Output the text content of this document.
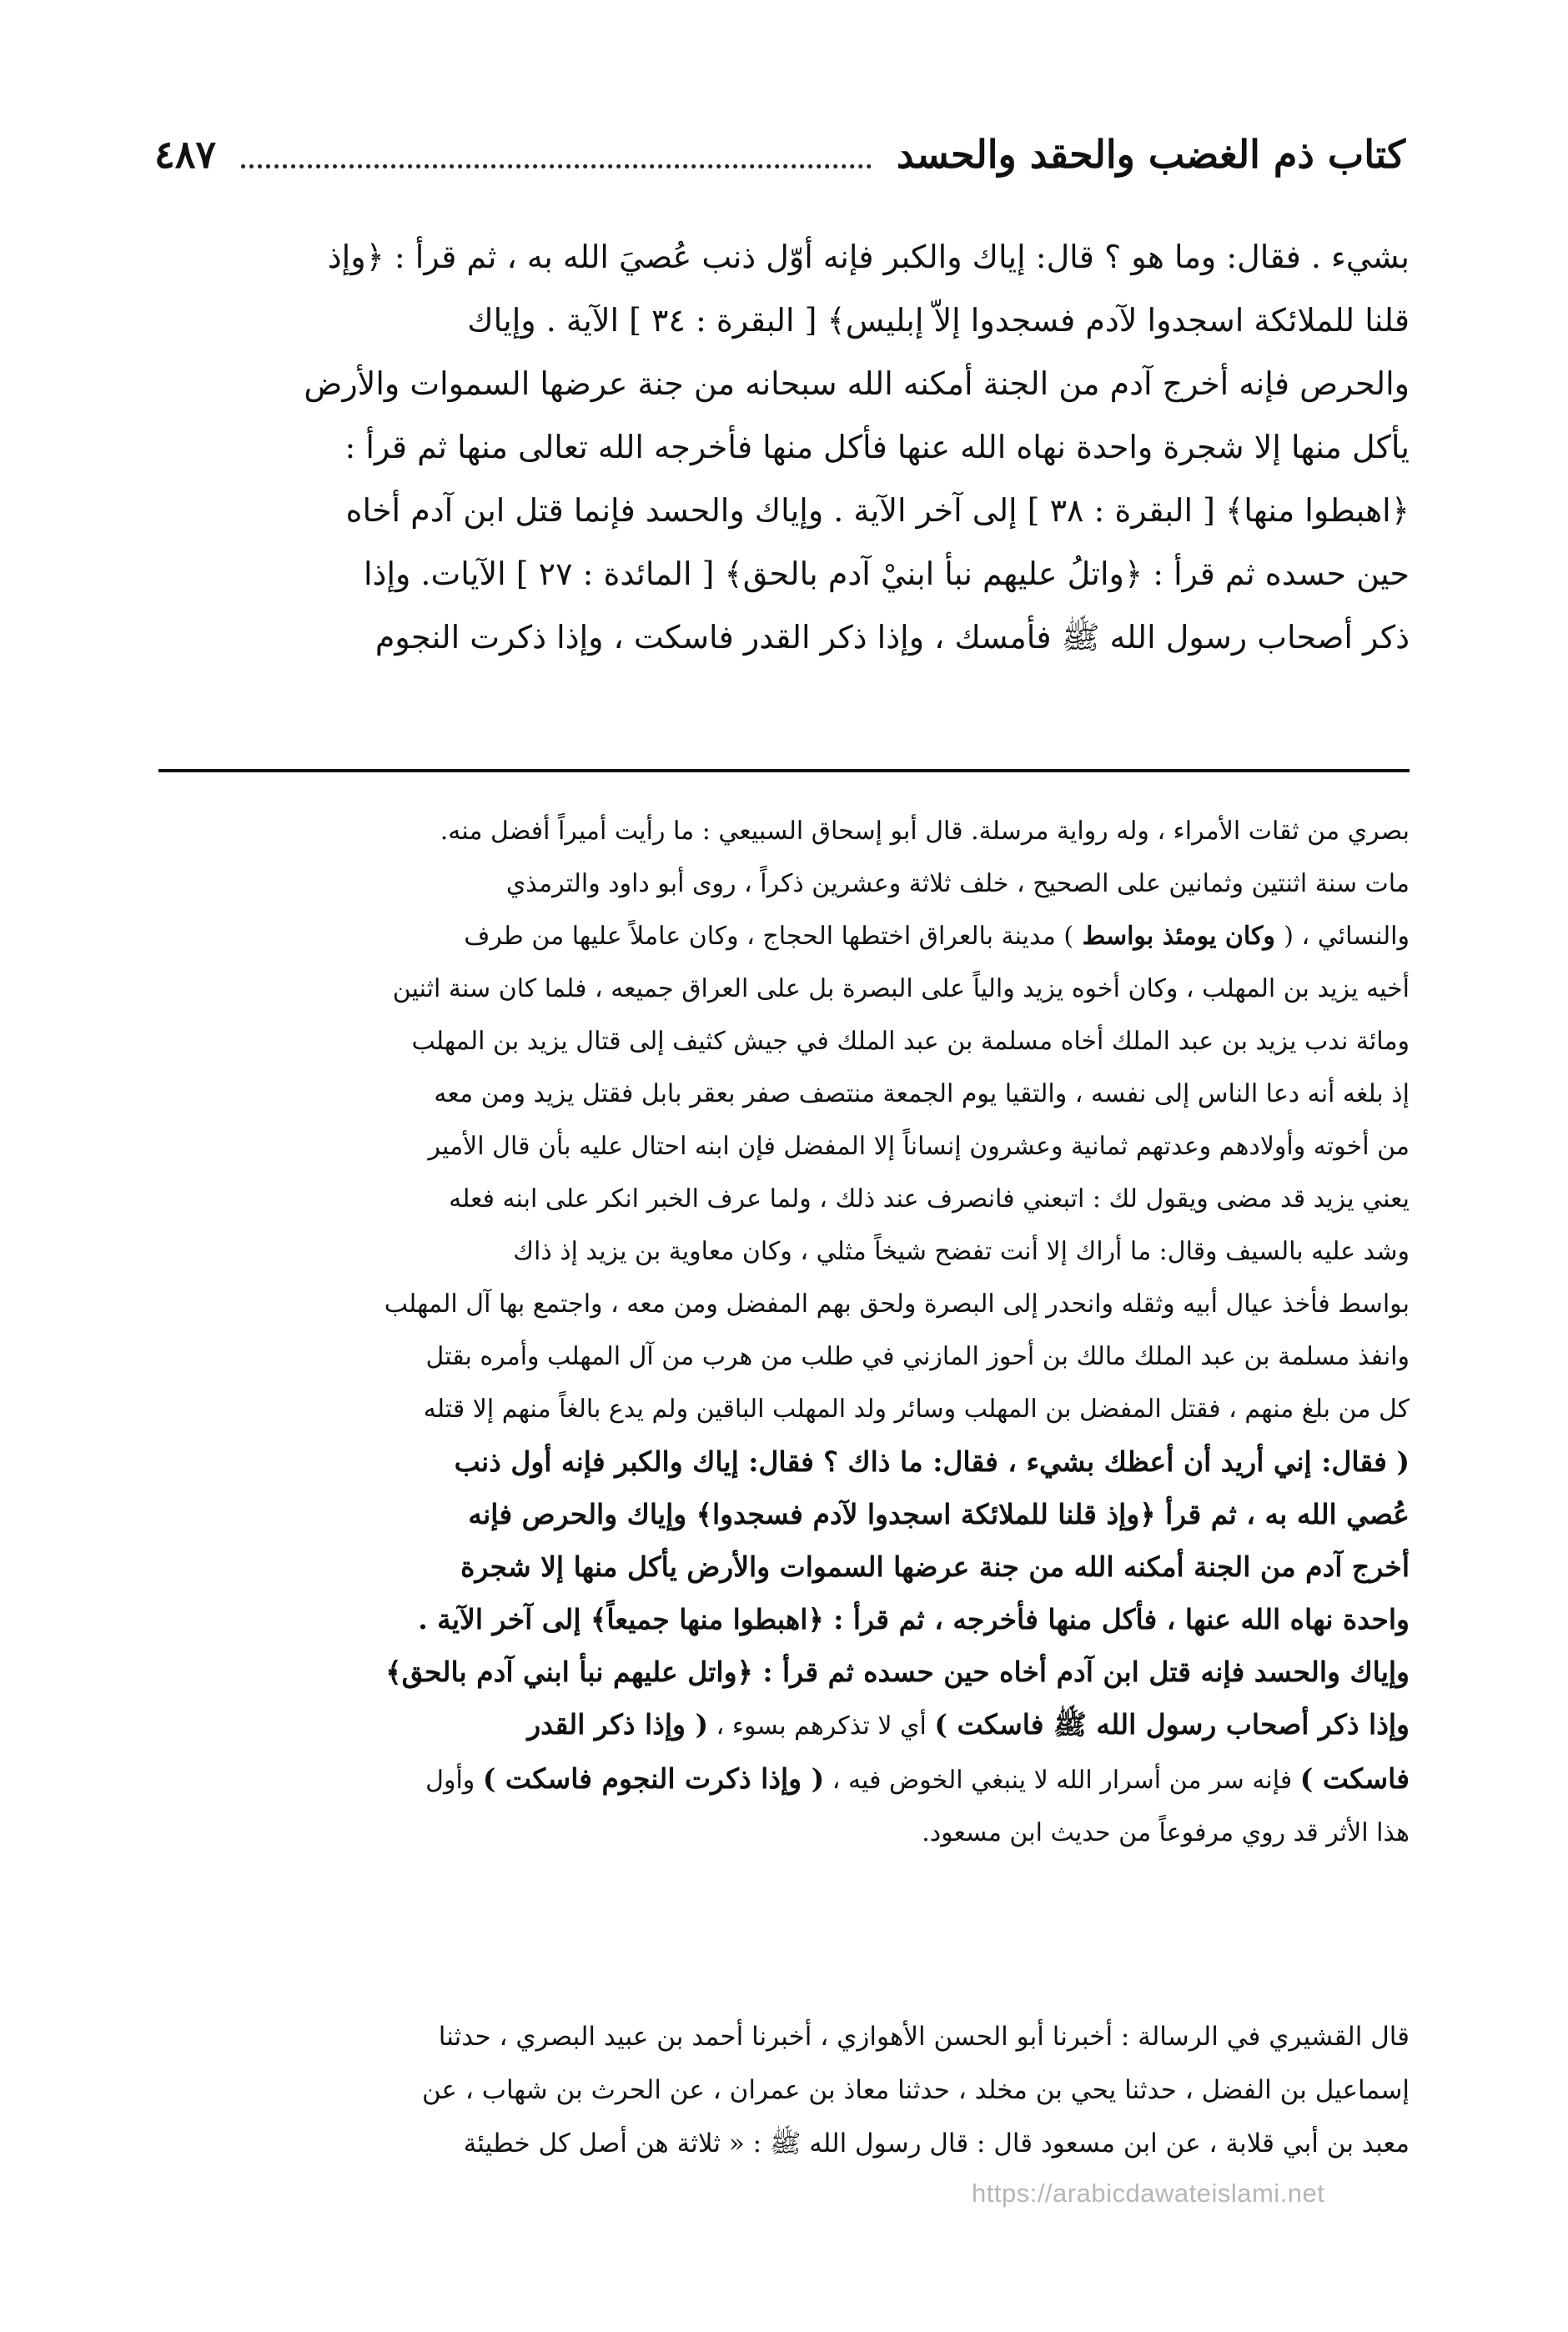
كتاب ذم الغضب والحقد والحسد
٤٨٧

بشيء . فقال: وما هو ؟ قال: إياك والكبر فإنه أوّل ذنب عُصيَ الله به ، ثم قرأ : ﴿وإذ

قلنا للملائكة اسجدوا لآدم فسجدوا إلاّ إبليس﴾ [ البقرة : ٣٤ ] الآية . وإياك

والحرص فإنه أخرج آدم من الجنة أمكنه الله سبحانه من جنة عرضها السموات والأرض

يأكل منها إلا شجرة واحدة نهاه الله عنها فأكل منها فأخرجه الله تعالى منها ثم قرأ :

﴿اهبطوا منها﴾ [ البقرة : ٣٨ ] إلى آخر الآية . وإياك والحسد فإنما قتل ابن آدم أخاه

حين حسده ثم قرأ : ﴿واتلُ عليهم نبأ ابنيْ آدم بالحق﴾ [ المائدة : ٢٧ ] الآيات. وإذا

ذكر أصحاب رسول الله ﷺ فأمسك ، وإذا ذكر القدر فاسكت ، وإذا ذكرت النجوم

بصري من ثقات الأمراء ، وله رواية مرسلة. قال أبو إسحاق السبيعي : ما رأيت أميراً أفضل منه.

مات سنة اثنتين وثمانين على الصحيح ، خلف ثلاثة وعشرين ذكراً ، روى أبو داود والترمذي

والنسائي ، ( وكان يومئذ بواسط ) مدينة بالعراق اختطها الحجاج ، وكان عاملاً عليها من طرف

أخيه يزيد بن المهلب ، وكان أخوه يزيد والياً على البصرة بل على العراق جميعه ، فلما كان سنة اثنين

ومائة ندب يزيد بن عبد الملك أخاه مسلمة بن عبد الملك في جيش كثيف إلى قتال يزيد بن المهلب

إذ بلغه أنه دعا الناس إلى نفسه ، والتقيا يوم الجمعة منتصف صفر بعقر بابل فقتل يزيد ومن معه

من أخوته وأولادهم وعدتهم ثمانية وعشرون إنساناً إلا المفضل فإن ابنه احتال عليه بأن قال الأمير

يعني يزيد قد مضى ويقول لك : اتبعني فانصرف عند ذلك ، ولما عرف الخبر انكر على ابنه فعله

وشد عليه بالسيف وقال: ما أراك إلا أنت تفضح شيخاً مثلي ، وكان معاوية بن يزيد إذ ذاك

بواسط فأخذ عيال أبيه وثقله وانحدر إلى البصرة ولحق بهم المفضل ومن معه ، واجتمع بها آل المهلب

وانفذ مسلمة بن عبد الملك مالك بن أحوز المازني في طلب من هرب من آل المهلب وأمره بقتل

كل من بلغ منهم ، فقتل المفضل بن المهلب وسائر ولد المهلب الباقين ولم يدع بالغاً منهم إلا قتله

( فقال: إني أريد أن أعظك بشيء ، فقال: ما ذاك ؟ فقال: إياك والكبر فإنه أول ذنب

عُصي الله به ، ثم قرأ ﴿وإذ قلنا للملائكة اسجدوا لآدم فسجدوا﴾ وإياك والحرص فإنه

أخرج آدم من الجنة أمكنه الله من جنة عرضها السموات والأرض يأكل منها إلا شجرة

واحدة نهاه الله عنها ، فأكل منها فأخرجه ، ثم قرأ : ﴿اهبطوا منها جميعاً﴾ إلى آخر الآية .

وإياك والحسد فإنه قتل ابن آدم أخاه حين حسده ثم قرأ : ﴿واتل عليهم نبأ ابني آدم بالحق﴾

وإذا ذكر أصحاب رسول الله ﷺ فاسكت ) أي لا تذكرهم بسوء ، ( وإذا ذكر القدر

فاسكت ) فإنه سر من أسرار الله لا ينبغي الخوض فيه ، ( وإذا ذكرت النجوم فاسكت ) وأول

هذا الأثر قد روي مرفوعاً من حديث ابن مسعود.

قال القشيري في الرسالة : أخبرنا أبو الحسن الأهوازي ، أخبرنا أحمد بن عبيد البصري ، حدثنا

إسماعيل بن الفضل ، حدثنا يحي بن مخلد ، حدثنا معاذ بن عمران ، عن الحرث بن شهاب ، عن

معبد بن أبي قلابة ، عن ابن مسعود قال : قال رسول الله ﷺ : « ثلاثة هن أصل كل خطيئة

https://arabicdawateislami.net
